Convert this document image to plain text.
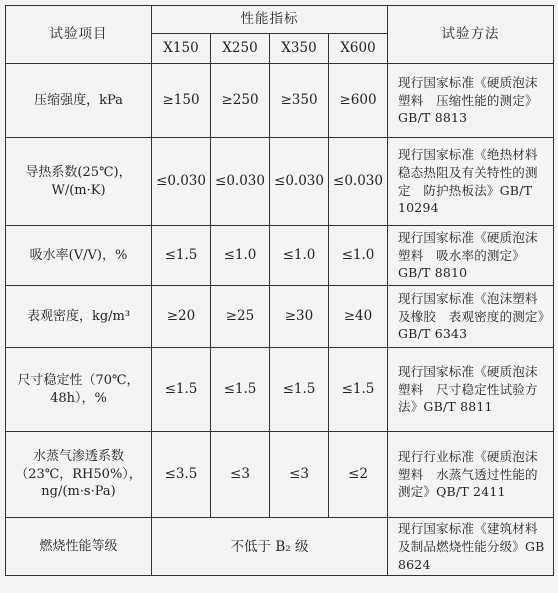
试验项目	性能指标				试验方法
	X150	X250	X350	X600	
压缩强度，kPa	≥150	≥250	≥350	≥600	现行国家标准《硬质泡沫塑料　压缩性能的测定》GB/T 8813
导热系数(25℃)，W/(m·K)	≤0.030	≤0.030	≤0.030	≤0.030	现行国家标准《绝热材料稳态热阻及有关特性的测定　防护热板法》GB/T 10294
吸水率(V/V)，%	≤1.5	≤1.0	≤1.0	≤1.0	现行国家标准《硬质泡沫塑料　吸水率的测定》GB/T 8810
表观密度，kg/m³	≥20	≥25	≥30	≥40	现行国家标准《泡沫塑料及橡胶　表观密度的测定》GB/T 6343
尺寸稳定性（70℃，48h），%	≤1.5	≤1.5	≤1.5	≤1.5	现行国家标准《硬质泡沫塑料　尺寸稳定性试验方法》GB/T 8811
水蒸气渗透系数（23℃，RH50%），ng/(m·s·Pa)	≤3.5	≤3	≤3	≤2	现行行业标准《硬质泡沫塑料　水蒸气透过性能的测定》QB/T 2411
燃烧性能等级	不低于 B₂ 级				现行国家标准《建筑材料及制品燃烧性能分级》GB 8624
